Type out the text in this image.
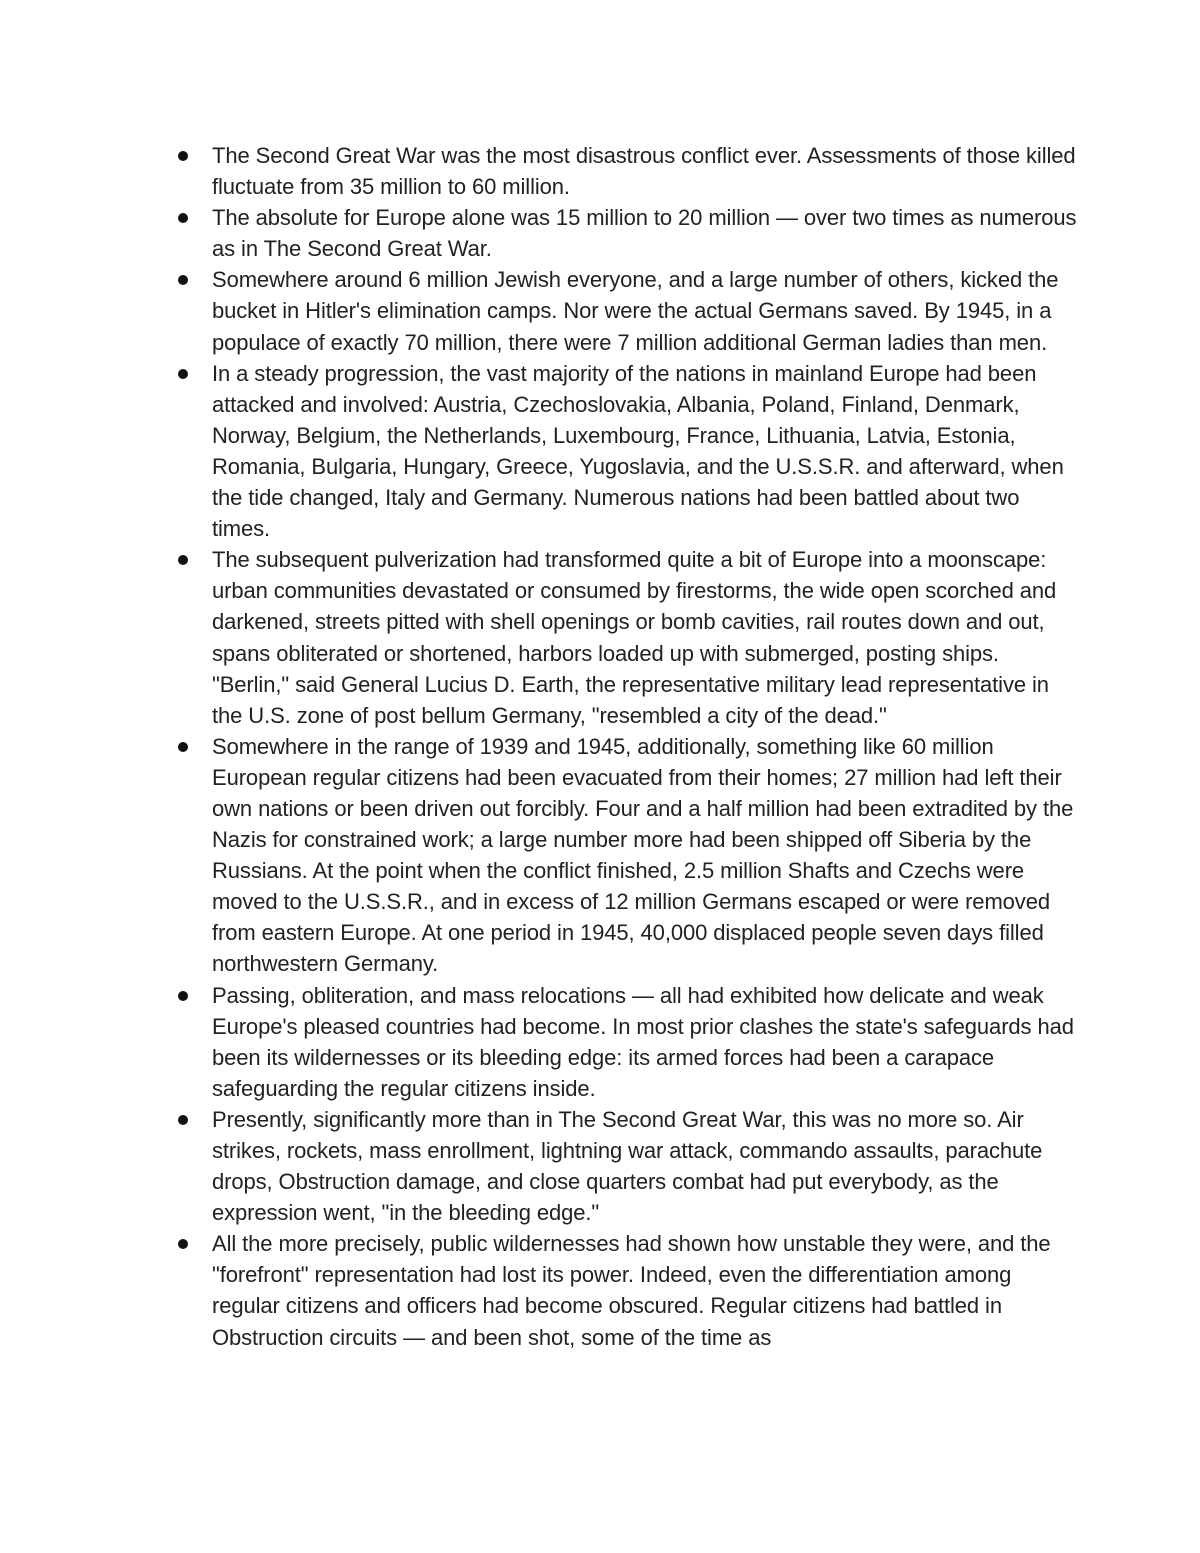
The Second Great War was the most disastrous conflict ever. Assessments of those killed fluctuate from 35 million to 60 million.
The absolute for Europe alone was 15 million to 20 million — over two times as numerous as in The Second Great War.
Somewhere around 6 million Jewish everyone, and a large number of others, kicked the bucket in Hitler's elimination camps. Nor were the actual Germans saved. By 1945, in a populace of exactly 70 million, there were 7 million additional German ladies than men.
In a steady progression, the vast majority of the nations in mainland Europe had been attacked and involved: Austria, Czechoslovakia, Albania, Poland, Finland, Denmark, Norway, Belgium, the Netherlands, Luxembourg, France, Lithuania, Latvia, Estonia, Romania, Bulgaria, Hungary, Greece, Yugoslavia, and the U.S.S.R. and afterward, when the tide changed, Italy and Germany. Numerous nations had been battled about two times.
The subsequent pulverization had transformed quite a bit of Europe into a moonscape: urban communities devastated or consumed by firestorms, the wide open scorched and darkened, streets pitted with shell openings or bomb cavities, rail routes down and out, spans obliterated or shortened, harbors loaded up with submerged, posting ships. "Berlin," said General Lucius D. Earth, the representative military lead representative in the U.S. zone of post bellum Germany, "resembled a city of the dead."
Somewhere in the range of 1939 and 1945, additionally, something like 60 million European regular citizens had been evacuated from their homes; 27 million had left their own nations or been driven out forcibly. Four and a half million had been extradited by the Nazis for constrained work; a large number more had been shipped off Siberia by the Russians. At the point when the conflict finished, 2.5 million Shafts and Czechs were moved to the U.S.S.R., and in excess of 12 million Germans escaped or were removed from eastern Europe. At one period in 1945, 40,000 displaced people seven days filled northwestern Germany.
Passing, obliteration, and mass relocations — all had exhibited how delicate and weak Europe's pleased countries had become. In most prior clashes the state's safeguards had been its wildernesses or its bleeding edge: its armed forces had been a carapace safeguarding the regular citizens inside.
Presently, significantly more than in The Second Great War, this was no more so. Air strikes, rockets, mass enrollment, lightning war attack, commando assaults, parachute drops, Obstruction damage, and close quarters combat had put everybody, as the expression went, "in the bleeding edge."
All the more precisely, public wildernesses had shown how unstable they were, and the "forefront" representation had lost its power. Indeed, even the differentiation among regular citizens and officers had become obscured. Regular citizens had battled in Obstruction circuits — and been shot, some of the time as
